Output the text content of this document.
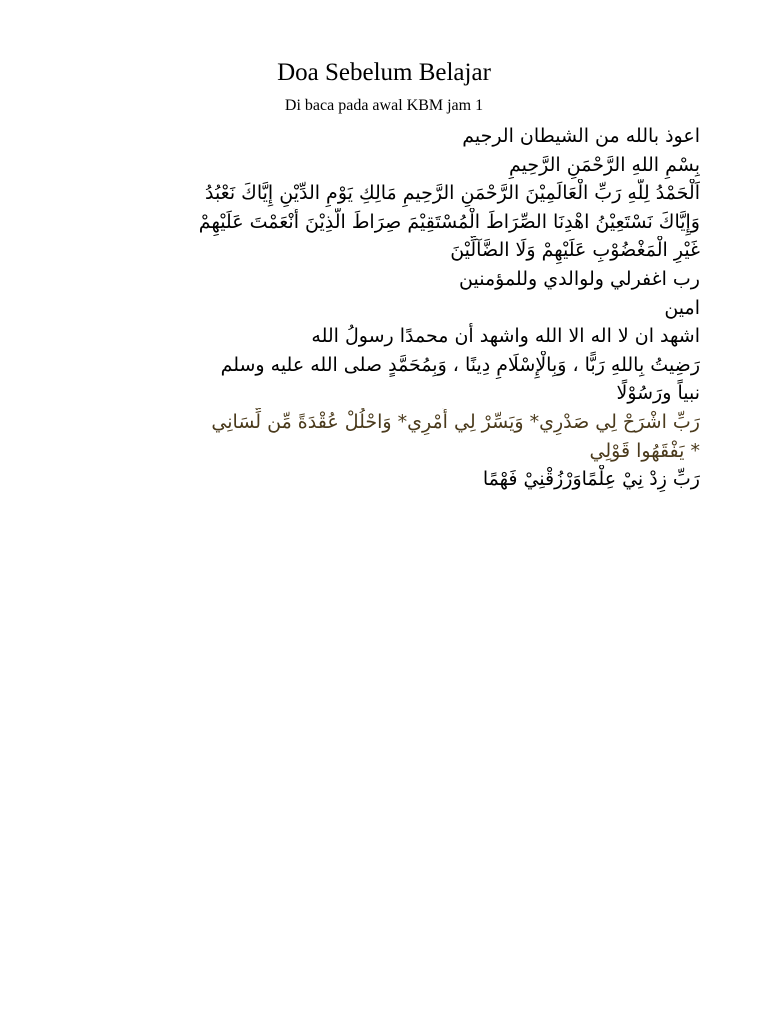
Doa Sebelum Belajar

Di baca pada awal KBM jam 1

اعوذ بالله من الشيطان الرجيم
بِسْمِ اللهِ الرَّحْمَنِ الرَّحِيمِ
اَلْحَمْدُ لِلّهِ رَبِّ الْعَالَمِيْنَ الرَّحْمَنِ الرَّحِيمِ مَالِكِ يَوْمِ الدِّيْنِ إِيَّاكَ نَعْبُدُ
وَإِيَّاكَ نَسْتَعِيْنُ اهْدِنَا الصِّرَاطَ الْمُسْتَقِيْمَ صِرَاطَ الَّذِيْنَ أَنْعَمْتَ عَلَيْهِمْ
غَيْرِ الْمَغْضُوْبِ عَلَيْهِمْ وَلَا الضَّآلِّيْنَ
رب اغفرلي ولوالدي وللمؤمنين
امين
اشهد ان لا اله الا الله واشهد أن محمدًا رسولُ الله
رَضِيتُ بِاللهِ رَبًّا ، وَبِالْإِسْلَامِ دِينًا ، وَبِمُحَمَّدٍ صلى الله عليه وسلم
نبياً ورَسُوْلًا
رَبِّ اشْرَحْ لِي صَدْرِي* وَيَسِّرْ لِي أَمْرِي* وَاحْلُلْ عُقْدَةً مِّن لِّسَانِي
* يَفْقَهُوا قَوْلِي
رَبِّ زِدْ نِيْ عِلْمًاوَرْزُقْنِيْ فَهْمًا
